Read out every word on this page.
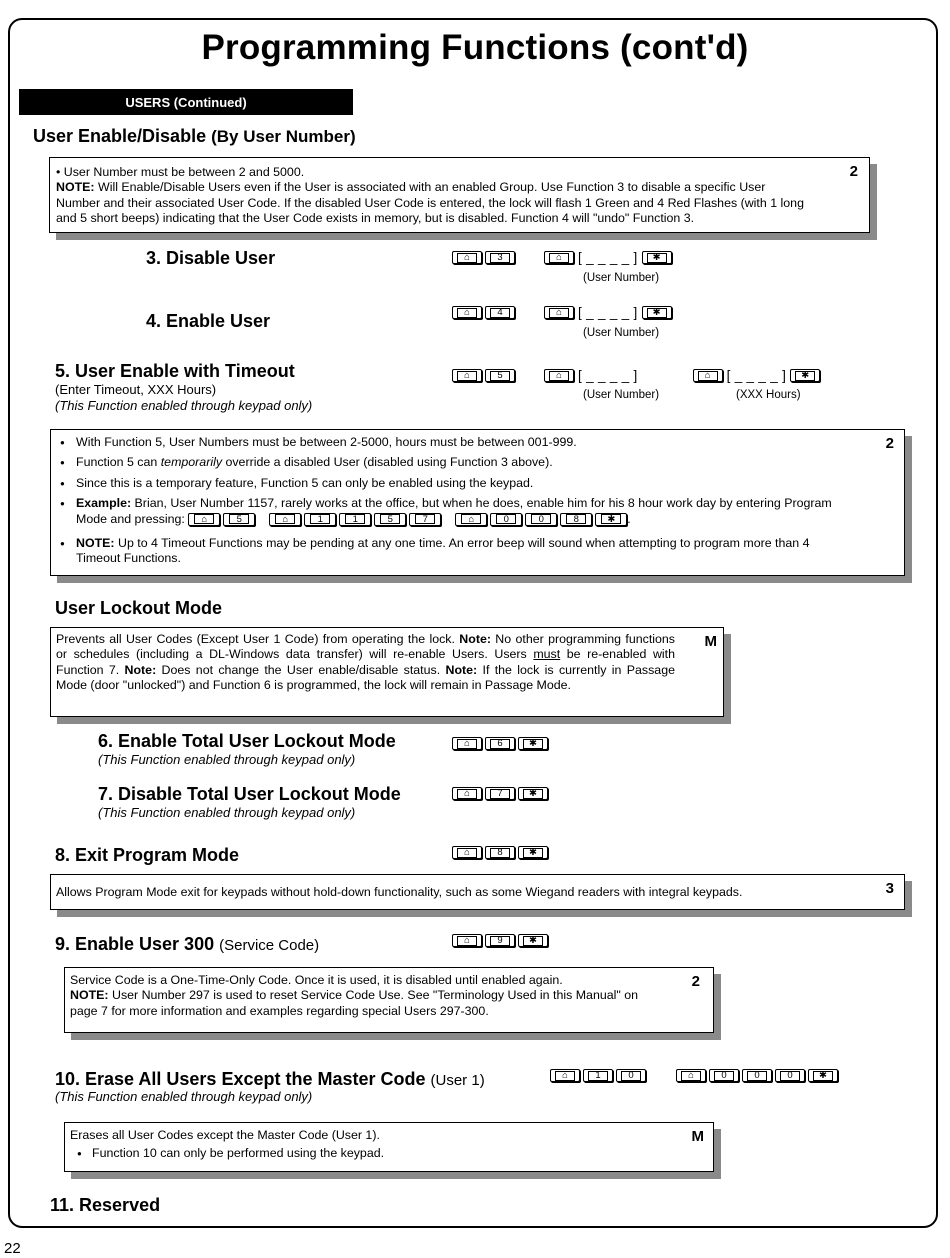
Programming Functions (cont'd)
USERS (Continued)
User Enable/Disable (By User Number)
• User Number must be between 2 and 5000.
NOTE: Will Enable/Disable Users even if the User is associated with an enabled Group. Use Function 3 to disable a specific User Number and their associated User Code. If the disabled User Code is entered, the lock will flash 1 Green and 4 Red Flashes (with 1 long and 5 short beeps) indicating that the User Code exists in memory, but is disabled. Function 4 will "undo" Function 3.
2
3. Disable User	⌂	3	⌂	[ _ _ _ _ ]	✱
(User Number)
4. Enable User	⌂	4	⌂	[ _ _ _ _ ]	✱
(User Number)
5. User Enable with Timeout
(Enter Timeout, XXX Hours)
(This Function enabled through keypad only)
⌂	5	⌂	[ _ _ _ _ ]	⌂	[ _ _ _ _ ]	✱
(User Number)	(XXX Hours)
● With Function 5, User Numbers must be between 2-5000, hours must be between 001-999.
● Function 5 can temporarily override a disabled User (disabled using Function 3 above).
● Since this is a temporary feature, Function 5 can only be enabled using the keypad.
● Example: Brian, User Number 1157, rarely works at the office, but when he does, enable him for his 8 hour work day by entering Program Mode and pressing:	⌂	5	⌂	1	1	5	7	⌂	0	0	8	✱ .
● NOTE: Up to 4 Timeout Functions may be pending at any one time. An error beep will sound when attempting to program more than 4 Timeout Functions.
2
User Lockout Mode
Prevents all User Codes (Except User 1 Code) from operating the lock. Note: No other programming functions or schedules (including a DL-Windows data transfer) will re-enable Users. Users must be re-enabled with Function 7. Note: Does not change the User enable/disable status. Note: If the lock is currently in Passage Mode (door "unlocked") and Function 6 is programmed, the lock will remain in Passage Mode.
M
6. Enable Total User Lockout Mode
(This Function enabled through keypad only)
⌂	6	✱
7. Disable Total User Lockout Mode
(This Function enabled through keypad only)
⌂	7	✱
8. Exit Program Mode	⌂	8	✱
Allows Program Mode exit for keypads without hold-down functionality, such as some Wiegand readers with integral keypads.	3
9. Enable User 300 (Service Code)	⌂	9	✱
Service Code is a One-Time-Only Code. Once it is used, it is disabled until enabled again.
NOTE: User Number 297 is used to reset Service Code Use. See "Terminology Used in this Manual" on page 7 for more information and examples regarding special Users 297-300.
2
10. Erase All Users Except the Master Code (User 1)
(This Function enabled through keypad only)
⌂	1	0	⌂	0	0	0	✱
Erases all User Codes except the Master Code (User 1).
● Function 10 can only be performed using the keypad.
M
11. Reserved
22
